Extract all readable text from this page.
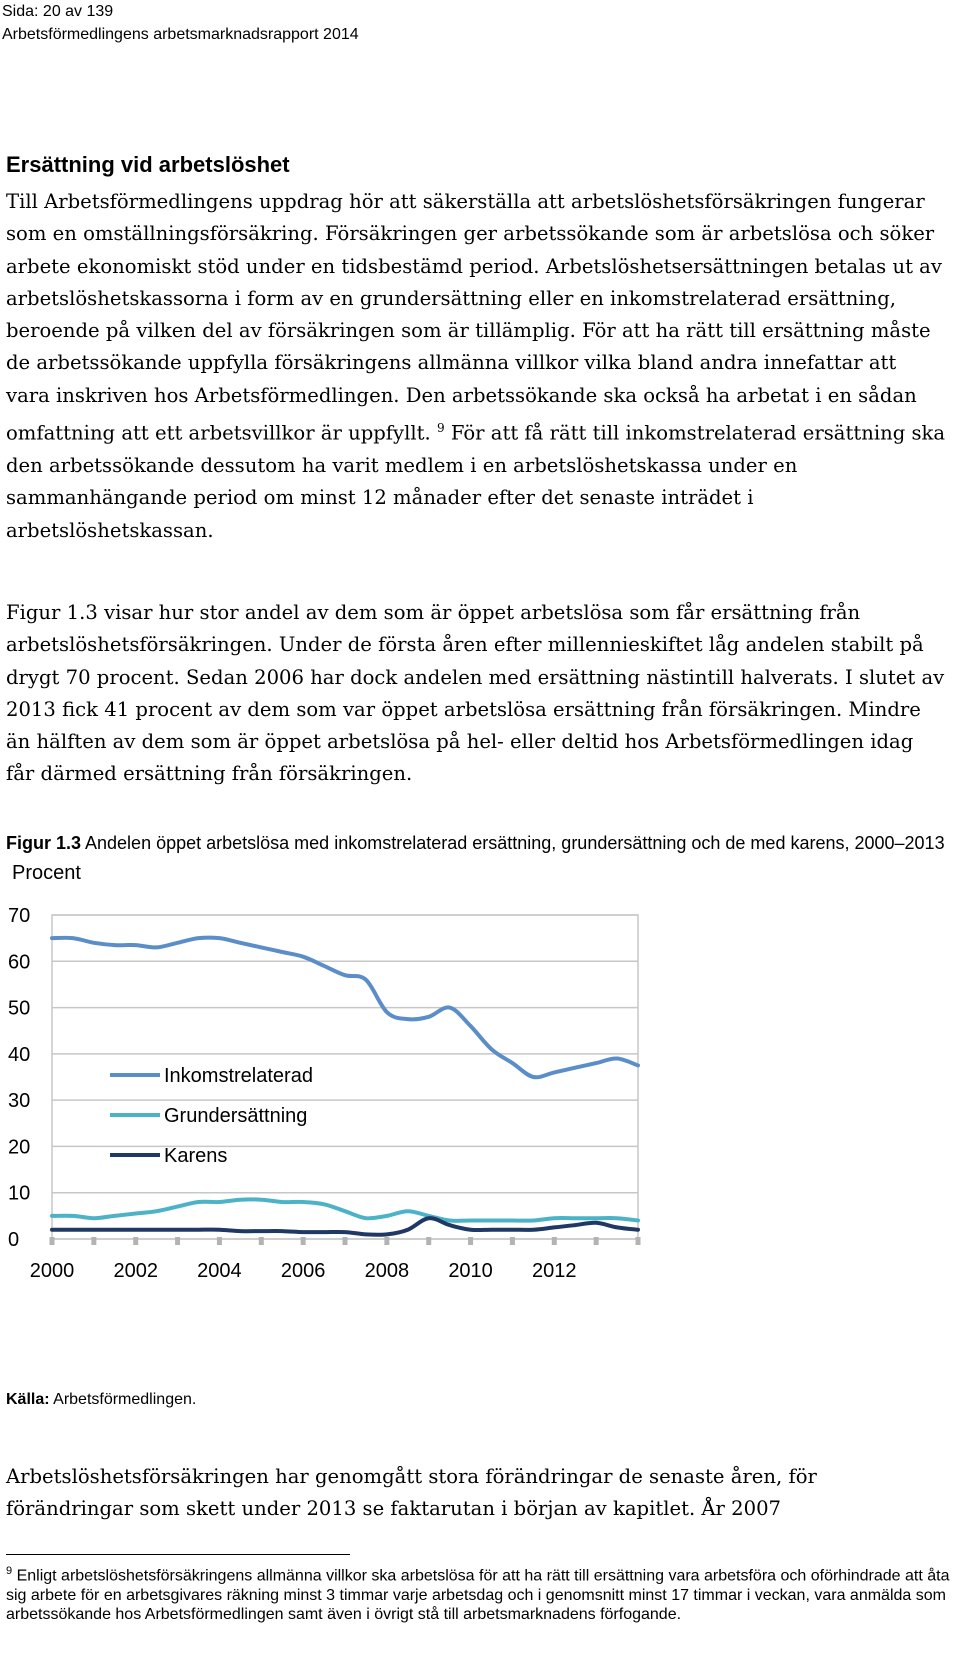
Sida: 20 av 139
Arbetsförmedlingens arbetsmarknadsrapport 2014
Ersättning vid arbetslöshet

Till Arbetsförmedlingens uppdrag hör att säkerställa att arbetslöshetsförsäkringen fungerar som en omställningsförsäkring. Försäkringen ger arbetssökande som är arbetslösa och söker arbete ekonomiskt stöd under en tidsbestämd period. Arbetslöshetsersättningen betalas ut av arbetslöshetskassorna i form av en grundersättning eller en inkomstrelaterad ersättning, beroende på vilken del av försäkringen som är tillämplig. För att ha rätt till ersättning måste de arbetssökande uppfylla försäkringens allmänna villkor vilka bland andra innefattar att vara inskriven hos Arbetsförmedlingen. Den arbetssökande ska också ha arbetat i en sådan omfattning att ett arbetsvillkor är uppfyllt. $^9$ För att få rätt till inkomstrelaterad ersättning ska den arbetssökande dessutom ha varit medlem i en arbetslöshetskassa under en sammanhängande period om minst 12 månader efter det senaste inträdet i arbetslöshetskassan.

Figur 1.3 visar hur stor andel av dem som är öppet arbetslösa som får ersättning från arbetslöshetsförsäkringen. Under de första åren efter millennieskiftet låg andelen stabilt på drygt 70 procent. Sedan 2006 har dock andelen med ersättning nästintill halverats. I slutet av 2013 fick 41 procent av dem som var öppet arbetslösa ersättning från försäkringen. Mindre än hälften av dem som är öppet arbetslösa på hel- eller deltid hos Arbetsförmedlingen idag får därmed ersättning från försäkringen.

Figur 1.3 Andelen öppet arbetslösa med inkomstrelaterad ersättning, grundersättning och de med karens, 2000–2013
0
10
20
30
40
50
60
70
2000 2002 2004 2006 2008 2010 2012
Procent
Inkomstrelaterad
Grundersättning
Karens
Källa: Arbetsförmedlingen.

Arbetslöshetsförsäkringen har genomgått stora förändringar de senaste åren, för förändringar som skett under 2013 se faktarutan i början av kapitlet. År 2007

$^9$ Enligt arbetslöshetsförsäkringens allmänna villkor ska arbetslösa för att ha rätt till ersättning vara arbetsföra och oförhindrade att åta sig arbete för en arbetsgivares räkning minst 3 timmar varje arbetsdag och i genomsnitt minst 17 timmar i veckan, vara anmälda som arbetssökande hos Arbetsförmedlingen samt även i övrigt stå till arbetsmarknadens förfogande.
